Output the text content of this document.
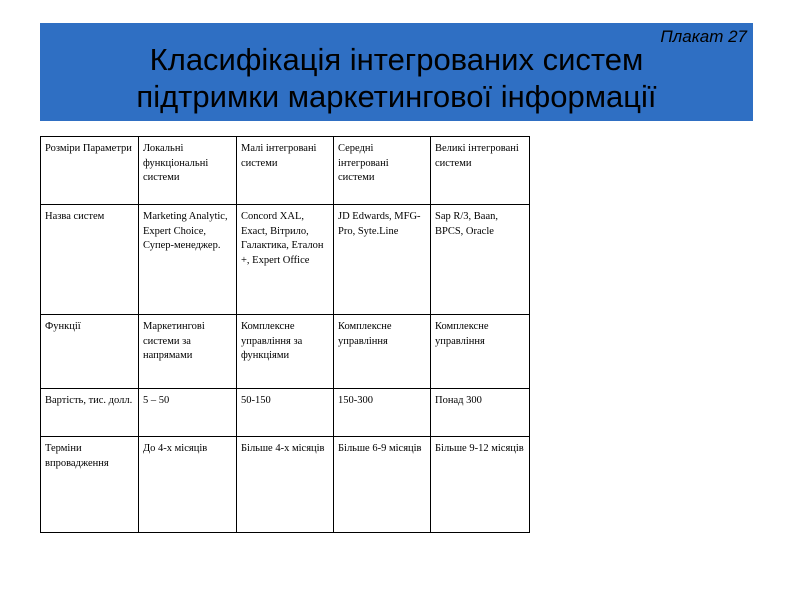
Плакат 27
Класифікація інтегрованих систем
підтримки маркетингової інформації
Розміри Параметри	Локальні функціональні системи	Малі інтегровані системи	Середні інтегровані системи	Великі інтегровані системи
Назва систем	Marketing Analytic, Expert Choice, Супер-менеджер.	Concord XAL, Exact, Вітрило, Галактика, Еталон +, Expert Office	JD Edwards, MFG-Pro, Syte.Line	Sap R/3, Baan, BPCS, Oracle
Функції	Маркетингові системи за напрямами	Комплексне управління за функціями	Комплексне управління	Комплексне управління
Вартість, тис. долл.	5 – 50	50-150	150-300	Понад 300
Терміни впровадження	До 4-х місяців	Більше 4-х місяців	Більше 6-9 місяців	Більше 9-12 місяців
